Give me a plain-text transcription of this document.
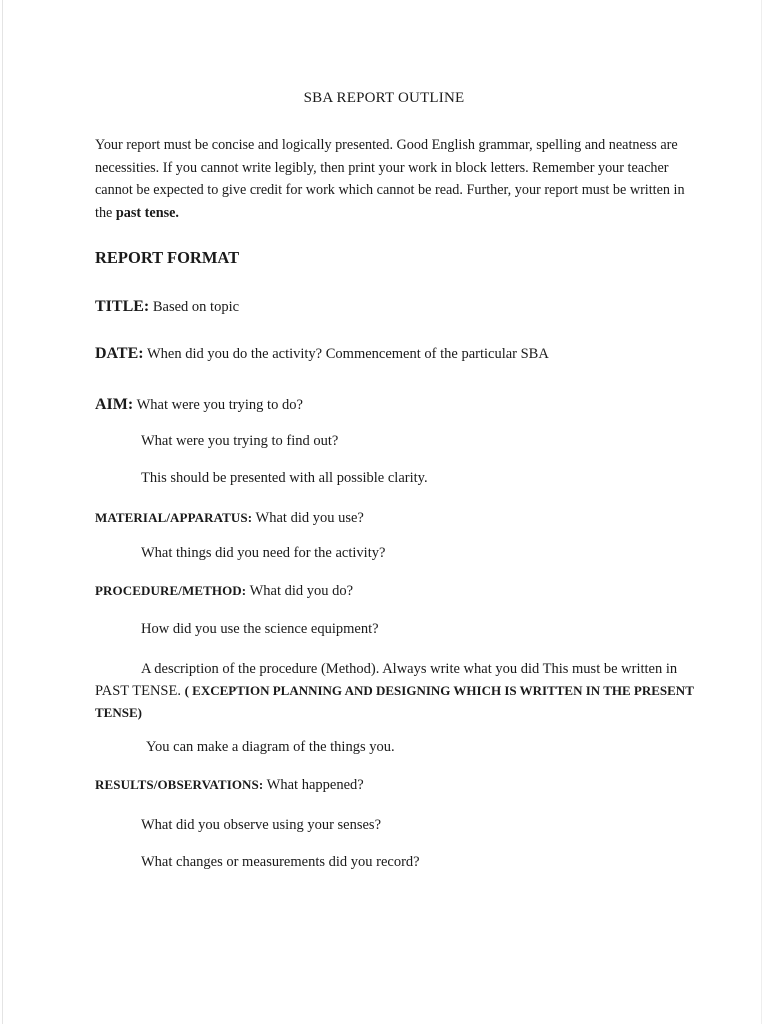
SBA REPORT OUTLINE
Your report must be concise and logically presented. Good English grammar, spelling and neatness are necessities. If you cannot write legibly, then print your work in block letters. Remember your teacher cannot be expected to give credit for work which cannot be read. Further, your report must be written in the past tense.
REPORT FORMAT
TITLE: Based on topic
DATE: When did you do the activity? Commencement of the particular SBA
AIM: What were you trying to do?
What were you trying to find out?
This should be presented with all possible clarity.
MATERIAL/APPARATUS: What did you use?
What things did you need for the activity?
PROCEDURE/METHOD: What did you do?
How did you use the science equipment?
A description of the procedure (Method). Always write what you did This must be written in PAST TENSE. ( EXCEPTION PLANNING AND DESIGNING WHICH IS WRITTEN IN THE PRESENT TENSE)
You can make a diagram of the things you.
RESULTS/OBSERVATIONS: What happened?
What did you observe using your senses?
What changes or measurements did you record?
